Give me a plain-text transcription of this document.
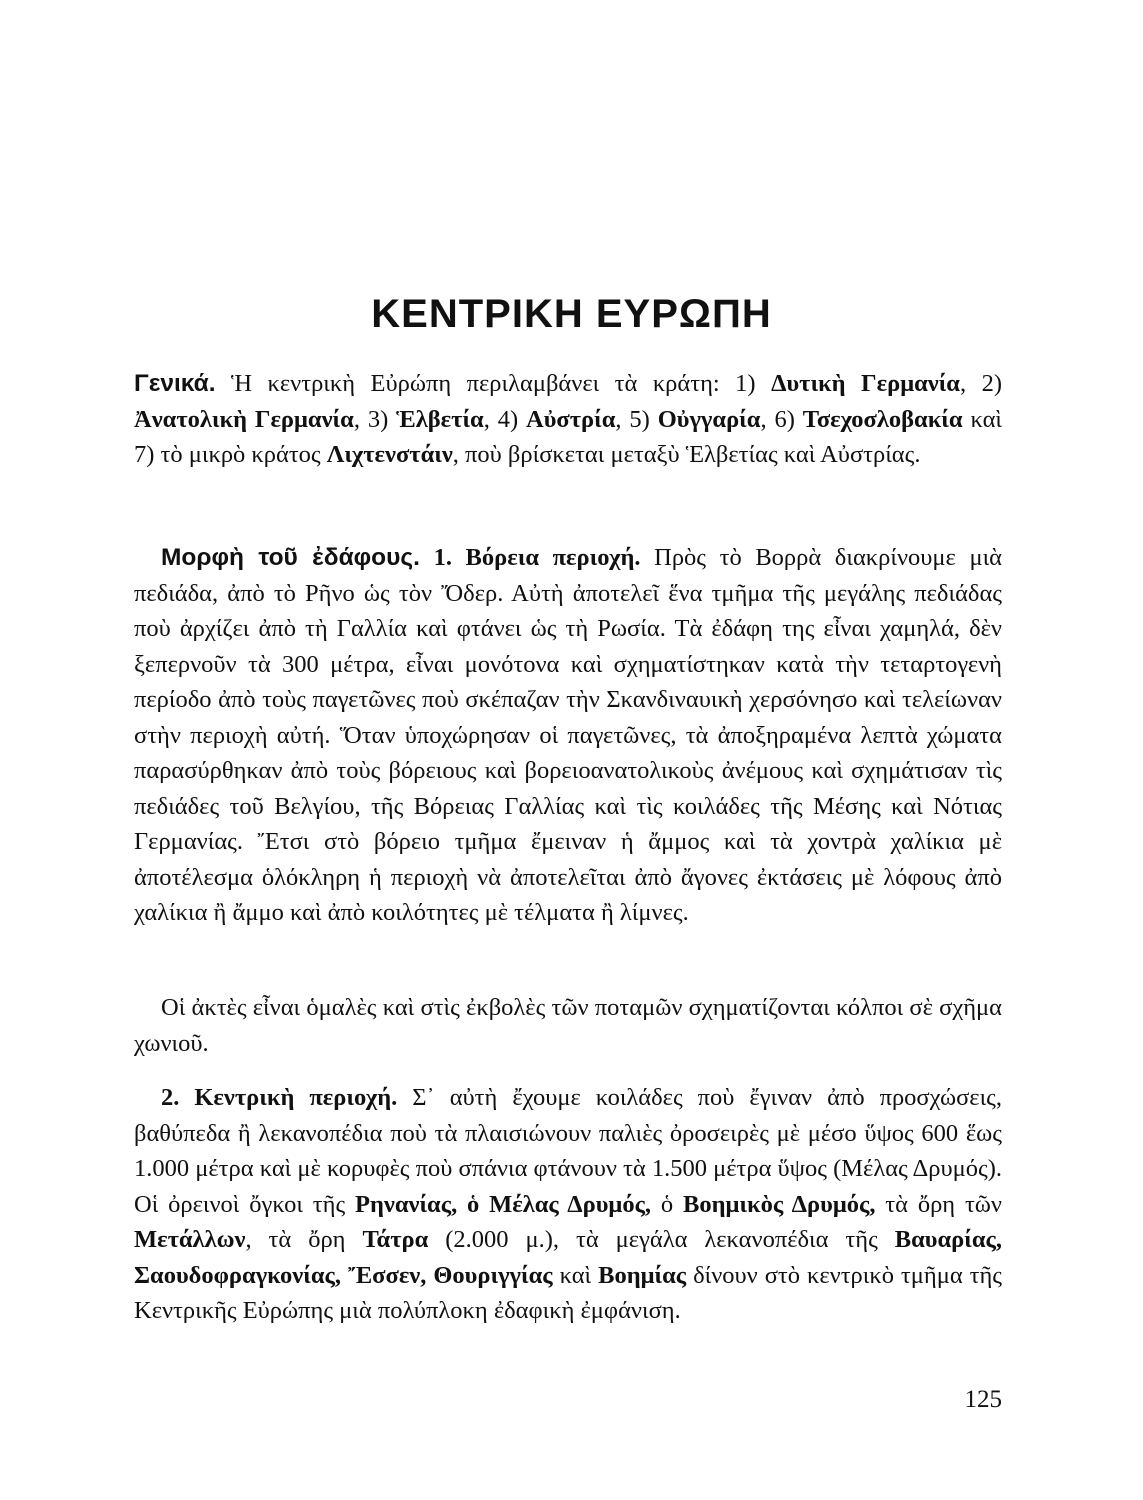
ΚΕΝΤΡΙΚΗ ΕΥΡΩΠΗ

Γενικά. Ἡ κεντρικὴ Εὐρώπη περιλαμβάνει τὰ κράτη: 1) Δυτικὴ Γερμανία, 2) Ἀνατολικὴ Γερμανία, 3) Ἑλβετία, 4) Αὐστρία, 5) Οὐγγαρία, 6) Τσεχοσλοβακία καὶ 7) τὸ μικρὸ κράτος Λιχτενστάιν, ποὺ βρίσκεται μεταξὺ Ἑλβετίας καὶ Αὐστρίας.

Μορφὴ τοῦ ἐδάφους. 1. Βόρεια περιοχή. Πρὸς τὸ Βορρὰ διακρίνουμε μιὰ πεδιάδα, ἀπὸ τὸ Ρῆνο ὡς τὸν Ὄδερ. Αὐτὴ ἀποτελεῖ ἕνα τμῆμα τῆς μεγάλης πεδιάδας ποὺ ἀρχίζει ἀπὸ τὴ Γαλλία καὶ φτάνει ὡς τὴ Ρωσία. Τὰ ἐδάφη της εἶναι χαμηλά, δὲν ξεπερνοῦν τὰ 300 μέτρα, εἶναι μονότονα καὶ σχηματίστηκαν κατὰ τὴν τεταρτογενὴ περίοδο ἀπὸ τοὺς παγετῶνες ποὺ σκέπαζαν τὴν Σκανδιναυικὴ χερσόνησο καὶ τελείωναν στὴν περιοχὴ αὐτή. Ὅταν ὑποχώρησαν οἱ παγετῶνες, τὰ ἀποξηραμένα λεπτὰ χώματα παρασύρθηκαν ἀπὸ τοὺς βόρειους καὶ βορειοανατολικοὺς ἀνέμους καὶ σχημάτισαν τὶς πεδιάδες τοῦ Βελγίου, τῆς Βόρειας Γαλλίας καὶ τὶς κοιλάδες τῆς Μέσης καὶ Νότιας Γερμανίας. Ἔτσι στὸ βόρειο τμῆμα ἔμειναν ἡ ἄμμος καὶ τὰ χοντρὰ χαλίκια μὲ ἀποτέλεσμα ὁλόκληρη ἡ περιοχὴ νὰ ἀποτελεῖται ἀπὸ ἄγονες ἐκτάσεις μὲ λόφους ἀπὸ χαλίκια ἢ ἄμμο καὶ ἀπὸ κοιλότητες μὲ τέλματα ἢ λίμνες.

Οἱ ἀκτὲς εἶναι ὁμαλὲς καὶ στὶς ἐκβολὲς τῶν ποταμῶν σχηματίζονται κόλποι σὲ σχῆμα χωνιοῦ.

2. Κεντρικὴ περιοχή. Σ᾽ αὐτὴ ἔχουμε κοιλάδες ποὺ ἔγιναν ἀπὸ προσχώσεις, βαθύπεδα ἢ λεκανοπέδια ποὺ τὰ πλαισιώνουν παλιὲς ὀροσειρὲς μὲ μέσο ὕψος 600 ἕως 1.000 μέτρα καὶ μὲ κορυφὲς ποὺ σπάνια φτάνουν τὰ 1.500 μέτρα ὕψος (Μέλας Δρυμός). Οἱ ὀρεινοὶ ὄγκοι τῆς Ρηνανίας, ὁ Μέλας Δρυμός, ὁ Βοημικὸς Δρυμός, τὰ ὄρη τῶν Μετάλλων, τὰ ὄρη Τάτρα (2.000 μ.), τὰ μεγάλα λεκανοπέδια τῆς Βαυαρίας, Σαουδοφραγκονίας, Ἔσσεν, Θουριγγίας καὶ Βοημίας δίνουν στὸ κεντρικὸ τμῆμα τῆς Κεντρικῆς Εὐρώπης μιὰ πολύπλοκη ἐδαφικὴ ἐμφάνιση.

125
